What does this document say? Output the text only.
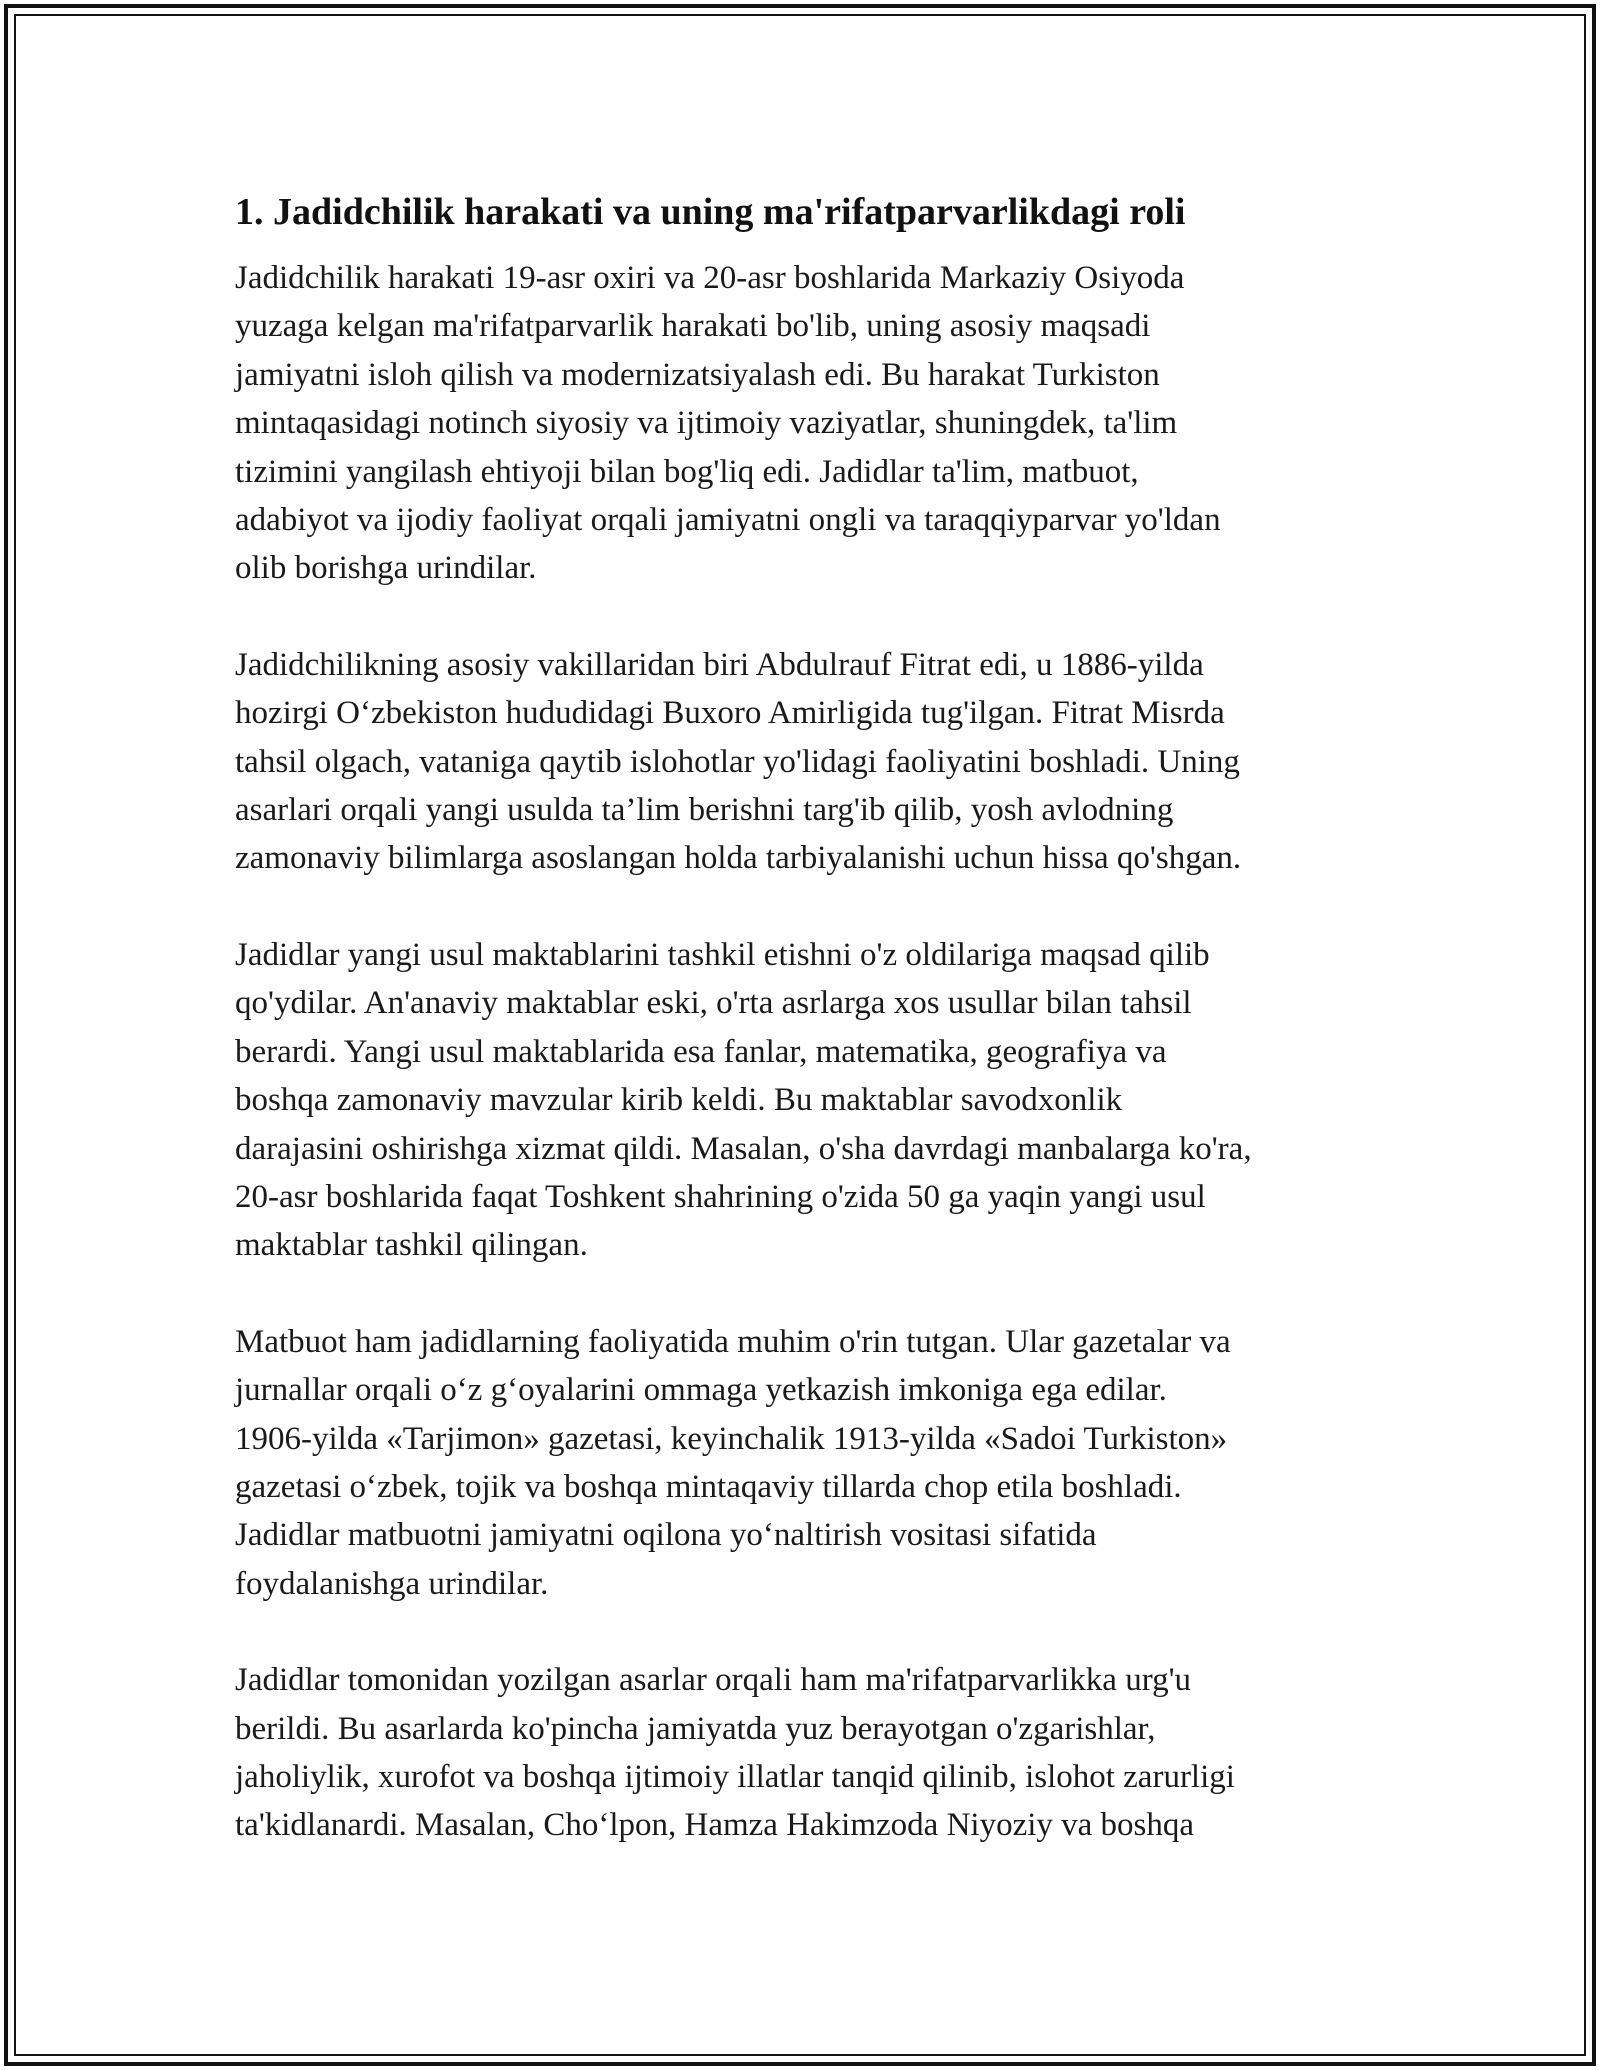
1. Jadidchilik harakati va uning ma'rifatparvarlikdagi roli

Jadidchilik harakati 19-asr oxiri va 20-asr boshlarida Markaziy Osiyoda
yuzaga kelgan ma'rifatparvarlik harakati bo'lib, uning asosiy maqsadi
jamiyatni isloh qilish va modernizatsiyalash edi. Bu harakat Turkiston
mintaqasidagi notinch siyosiy va ijtimoiy vaziyatlar, shuningdek, ta'lim
tizimini yangilash ehtiyoji bilan bog'liq edi. Jadidlar ta'lim, matbuot,
adabiyot va ijodiy faoliyat orqali jamiyatni ongli va taraqqiyparvar yo'ldan
olib borishga urindilar.

Jadidchilikning asosiy vakillaridan biri Abdulrauf Fitrat edi, u 1886-yilda
hozirgi O‘zbekiston hududidagi Buxoro Amirligida tug'ilgan. Fitrat Misrda
tahsil olgach, vataniga qaytib islohotlar yo'lidagi faoliyatini boshladi. Uning
asarlari orqali yangi usulda ta’lim berishni targ'ib qilib, yosh avlodning
zamonaviy bilimlarga asoslangan holda tarbiyalanishi uchun hissa qo'shgan.

Jadidlar yangi usul maktablarini tashkil etishni o'z oldilariga maqsad qilib
qo'ydilar. An'anaviy maktablar eski, o'rta asrlarga xos usullar bilan tahsil
berardi. Yangi usul maktablarida esa fanlar, matematika, geografiya va
boshqa zamonaviy mavzular kirib keldi. Bu maktablar savodxonlik
darajasini oshirishga xizmat qildi. Masalan, o'sha davrdagi manbalarga ko'ra,
20-asr boshlarida faqat Toshkent shahrining o'zida 50 ga yaqin yangi usul
maktablar tashkil qilingan.

Matbuot ham jadidlarning faoliyatida muhim o'rin tutgan. Ular gazetalar va
jurnallar orqali o‘z g‘oyalarini ommaga yetkazish imkoniga ega edilar.
1906-yilda «Tarjimon» gazetasi, keyinchalik 1913-yilda «Sadoi Turkiston»
gazetasi o‘zbek, tojik va boshqa mintaqaviy tillarda chop etila boshladi.
Jadidlar matbuotni jamiyatni oqilona yo‘naltirish vositasi sifatida
foydalanishga urindilar.

Jadidlar tomonidan yozilgan asarlar orqali ham ma'rifatparvarlikka urg'u
berildi. Bu asarlarda ko'pincha jamiyatda yuz berayotgan o'zgarishlar,
jaholiylik, xurofot va boshqa ijtimoiy illatlar tanqid qilinib, islohot zarurligi
ta'kidlanardi. Masalan, Cho‘lpon, Hamza Hakimzoda Niyoziy va boshqa
